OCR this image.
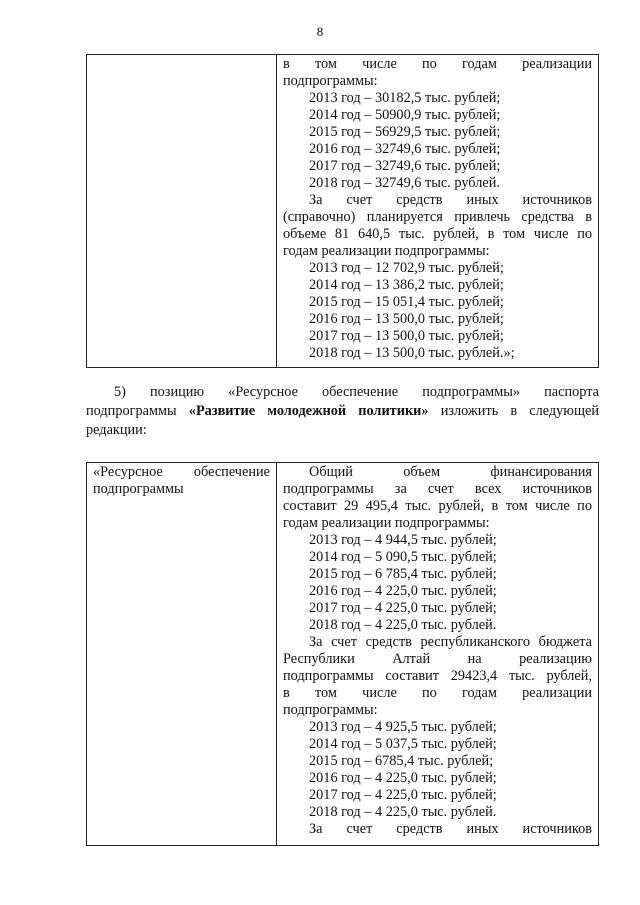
8

в том числе по годам реализации
подпрограммы:
2013 год – 30182,5 тыс. рублей;
2014 год – 50900,9 тыс. рублей;
2015 год – 56929,5 тыс. рублей;
2016 год – 32749,6 тыс. рублей;
2017 год – 32749,6 тыс. рублей;
2018 год – 32749,6 тыс. рублей.
За счет средств иных источников
(справочно) планируется привлечь средства в
объеме 81 640,5 тыс. рублей, в том числе по
годам реализации подпрограммы:
2013 год – 12 702,9 тыс. рублей;
2014 год – 13 386,2 тыс. рублей;
2015 год – 15 051,4 тыс. рублей;
2016 год – 13 500,0 тыс. рублей;
2017 год – 13 500,0 тыс. рублей;
2018 год – 13 500,0 тыс. рублей.»;
5) позицию «Ресурсное обеспечение подпрограммы» паспорта
подпрограммы «Развитие молодежной политики» изложить в следующей
редакции:
«Ресурсное обеспечение
подпрограммы

Общий объем финансирования
подпрограммы за счет всех источников
составит 29 495,4 тыс. рублей, в том числе по
годам реализации подпрограммы:
2013 год – 4 944,5 тыс. рублей;
2014 год – 5 090,5 тыс. рублей;
2015 год – 6 785,4 тыс. рублей;
2016 год – 4 225,0 тыс. рублей;
2017 год – 4 225,0 тыс. рублей;
2018 год – 4 225,0 тыс. рублей.
За счет средств республиканского бюджета
Республики Алтай на реализацию
подпрограммы составит 29423,4 тыс. рублей,
в том числе по годам реализации
подпрограммы:
2013 год – 4 925,5 тыс. рублей;
2014 год – 5 037,5 тыс. рублей;
2015 год – 6785,4 тыс. рублей;
2016 год – 4 225,0 тыс. рублей;
2017 год – 4 225,0 тыс. рублей;
2018 год – 4 225,0 тыс. рублей.
За счет средств иных источников
